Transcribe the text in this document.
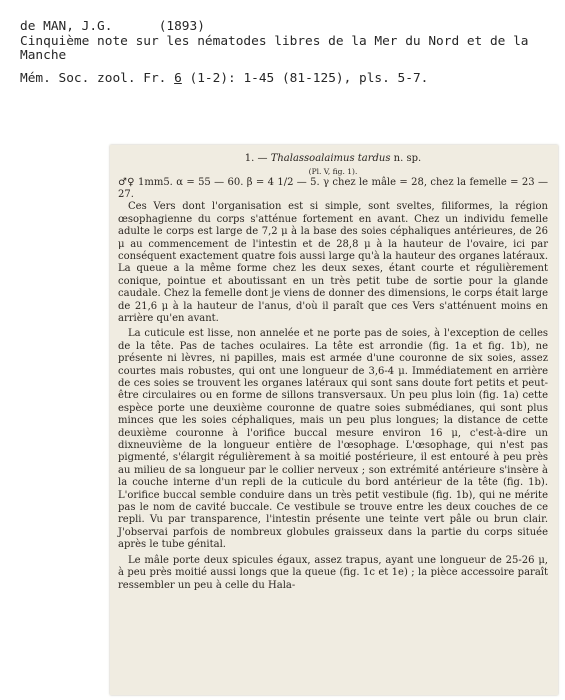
de MAN, J.G.	(1893)
Cinquième note sur les nématodes libres de la Mer du Nord et de la Manche
Mém. Soc. zool. Fr. 6 (1-2): 1-45 (81-125), pls. 5-7.
1. — Thalassoalaimus tardus n. sp.
(Pl. V, fig. 1).

♂♀ 1mm5. α = 55 — 60. β = 4 1/2 — 5. γ chez le mâle = 28, chez la femelle = 23 — 27.

Ces Vers dont l'organisation est si simple, sont sveltes, filiformes, la région œsophagienne du corps s'atténue fortement en avant. Chez un individu femelle adulte le corps est large de 7,2 μ à la base des soies céphaliques antérieures, de 26 μ au commencement de l'intestin et de 28,8 μ à la hauteur de l'ovaire, ici par conséquent exactement quatre fois aussi large qu'à la hauteur des organes latéraux. La queue a la même forme chez les deux sexes, étant courte et régulièrement conique, pointue et aboutissant en un très petit tube de sortie pour la glande caudale. Chez la femelle dont je viens de donner des dimensions, le corps était large de 21,6 μ à la hauteur de l'anus, d'où il paraît que ces Vers s'atténuent moins en arrière qu'en avant.

La cuticule est lisse, non annelée et ne porte pas de soies, à l'exception de celles de la tête. Pas de taches oculaires. La tête est arrondie (fig. 1a et fig. 1b), ne présente ni lèvres, ni papilles, mais est armée d'une couronne de six soies, assez courtes mais robustes, qui ont une longueur de 3,6-4 μ. Immédiatement en arrière de ces soies se trouvent les organes latéraux qui sont sans doute fort petits et peut-être circulaires ou en forme de sillons transversaux. Un peu plus loin (fig. 1a) cette espèce porte une deuxième couronne de quatre soies submédianes, qui sont plus minces que les soies céphaliques, mais un peu plus longues; la distance de cette deuxième couronne à l'orifice buccal mesure environ 16 μ, c'est-à-dire un dixneuvième de la longueur entière de l'œsophage. L'œsophage, qui n'est pas pigmenté, s'élargit régulièrement à sa moitié postérieure, il est entouré à peu près au milieu de sa longueur par le collier nerveux ; son extrémité antérieure s'insère à la couche interne d'un repli de la cuticule du bord antérieur de la tête (fig. 1b). L'orifice buccal semble conduire dans un très petit vestibule (fig. 1b), qui ne mérite pas le nom de cavité buccale. Ce vestibule se trouve entre les deux couches de ce repli. Vu par transparence, l'intestin présente une teinte vert pâle ou brun clair. J'observai parfois de nombreux globules graisseux dans la partie du corps située après le tube génital.

Le mâle porte deux spicules égaux, assez trapus, ayant une longueur de 25-26 μ, à peu près moitié aussi longs que la queue (fig. 1c et 1e) ; la pièce accessoire paraît ressembler un peu à celle du Hala-
